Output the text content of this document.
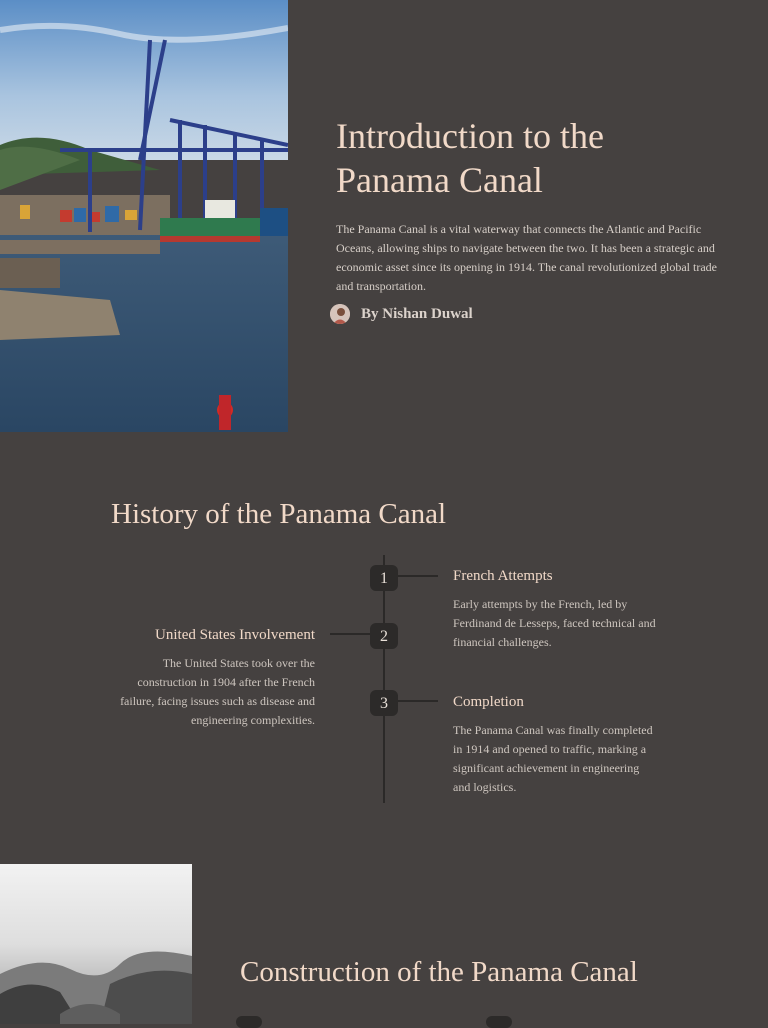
Introduction to the Panama Canal
The Panama Canal is a vital waterway that connects the Atlantic and Pacific Oceans, allowing ships to navigate between the two. It has been a strategic and economic asset since its opening in 1914. The canal revolutionized global trade and transportation.
By Nishan Duwal
History of the Panama Canal
1	French Attempts
Early attempts by the French, led by Ferdinand de Lesseps, faced technical and financial challenges.
2
United States Involvement
The United States took over the construction in 1904 after the French failure, facing issues such as disease and engineering complexities.
3	Completion
The Panama Canal was finally completed in 1914 and opened to traffic, marking a significant achievement in engineering and logistics.
Construction of the Panama Canal
